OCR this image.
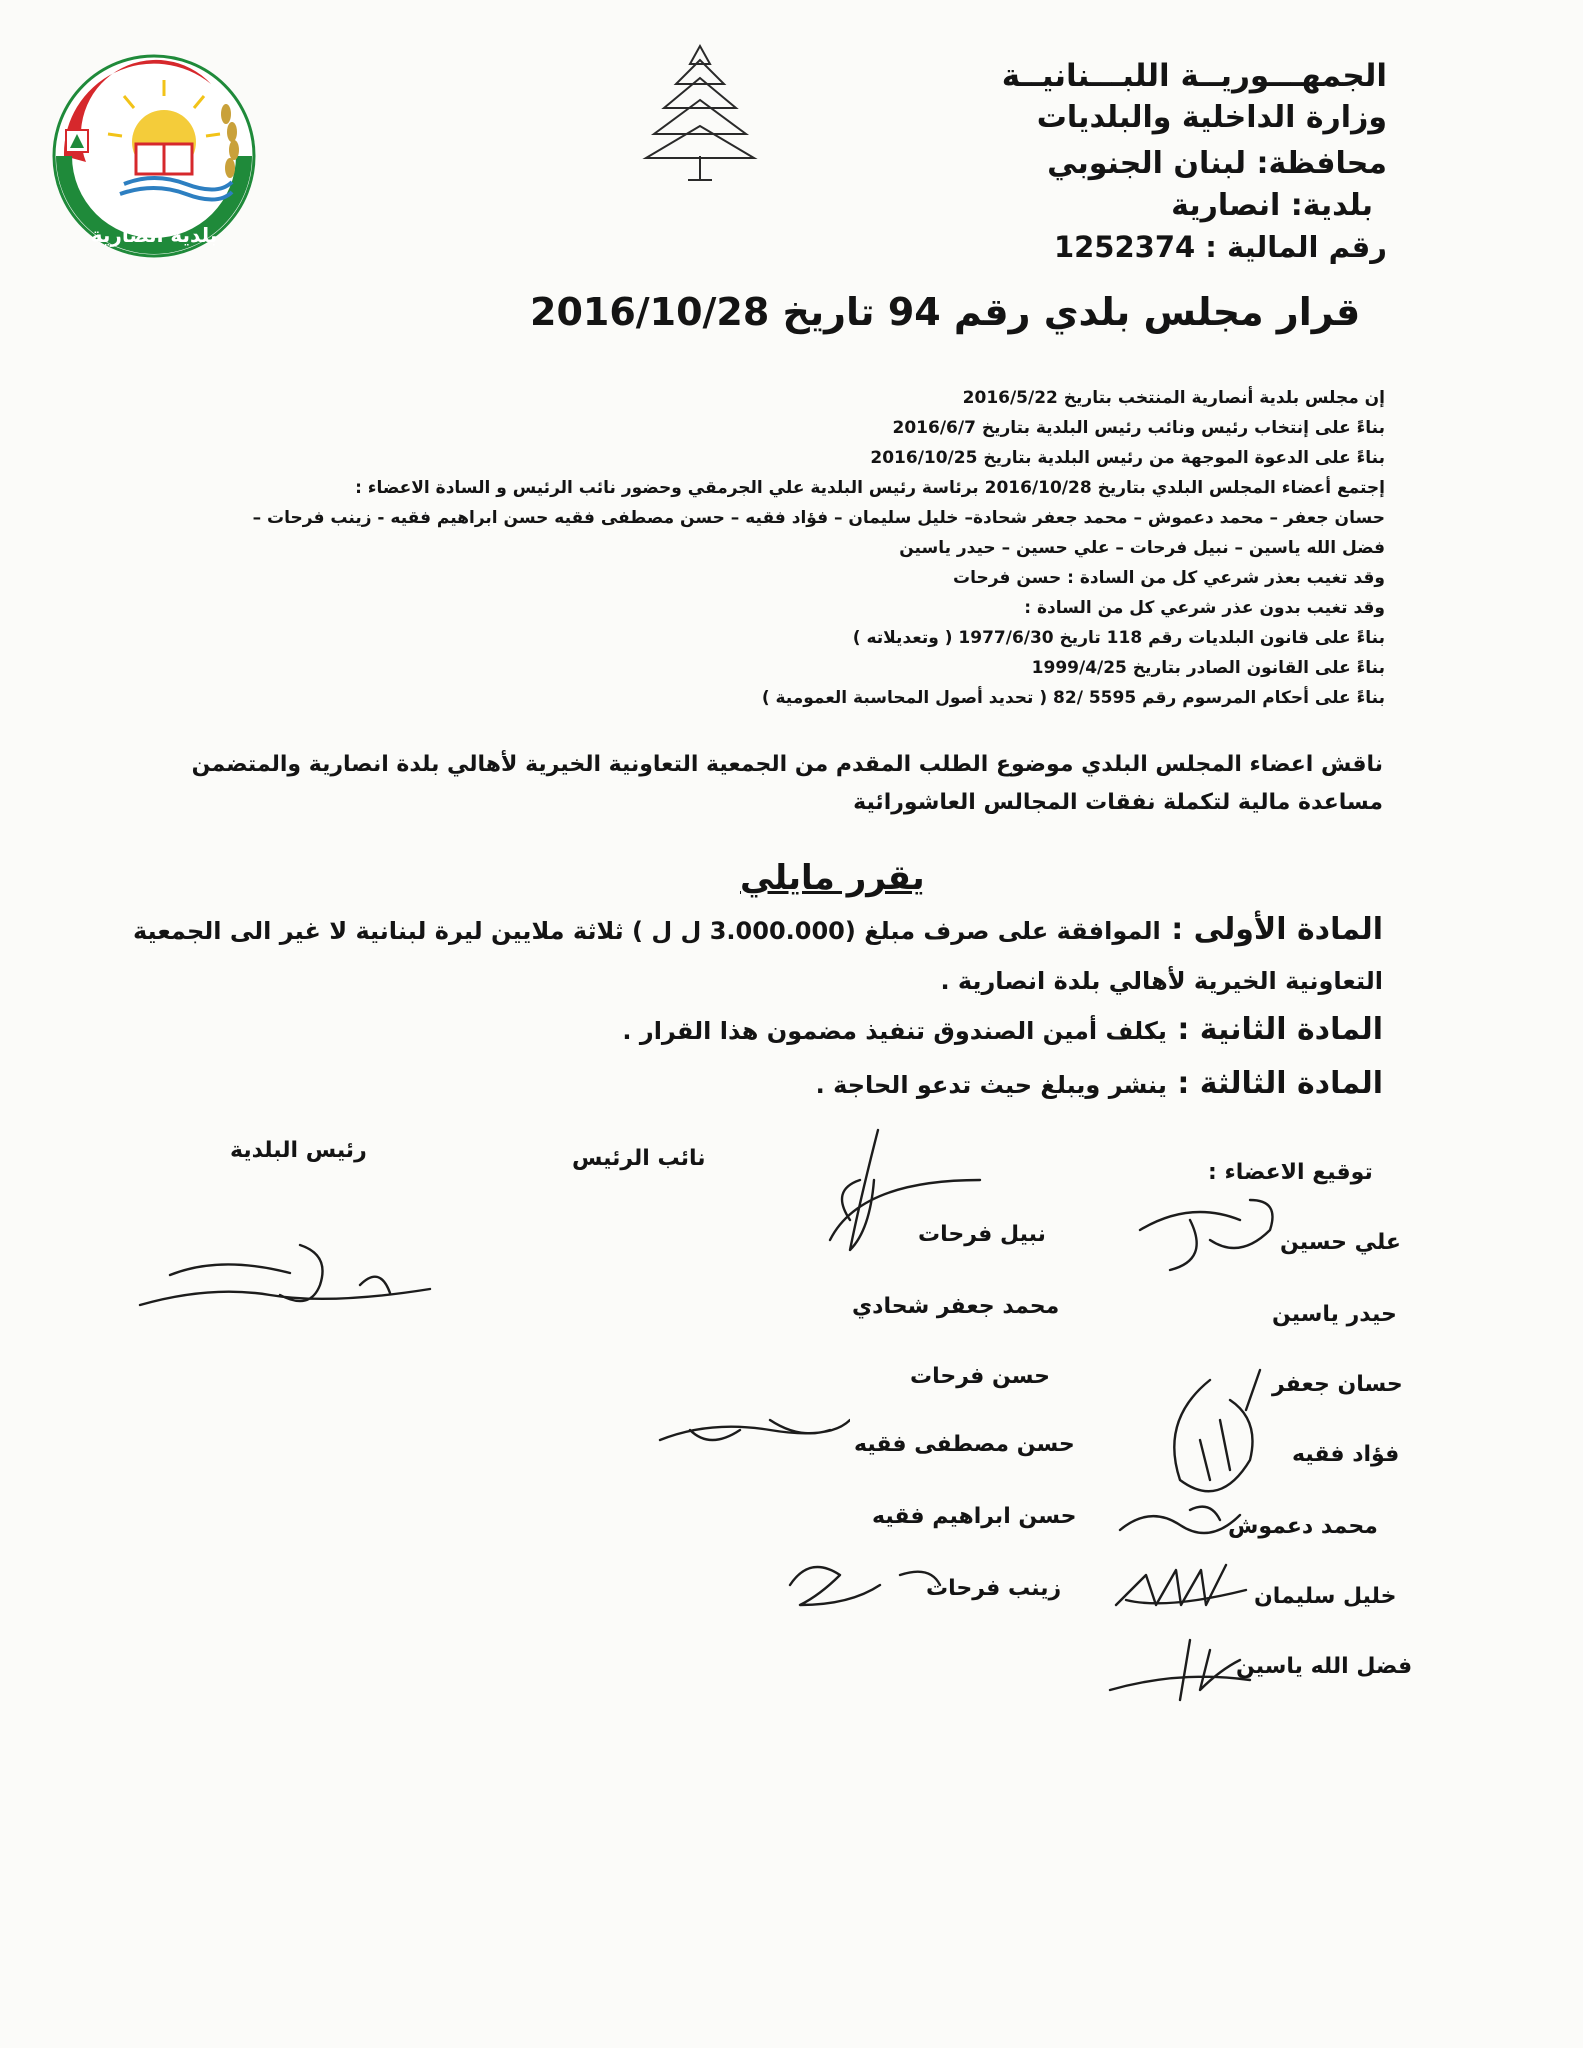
بلدية أنصارية
الجمهـــوريــة اللبـــنانيــة
وزارة الداخلية والبلديات
محافظة: لبنان الجنوبي
بلدية: انصارية
رقم المالية : 1252374
قرار مجلس بلدي رقم 94 تاريخ 2016/10/28
إن مجلس بلدية أنصارية المنتخب بتاريخ 2016/5/22
بناءً على إنتخاب رئيس ونائب رئيس البلدية بتاريخ 2016/6/7
بناءً على الدعوة الموجهة من رئيس البلدية بتاريخ 2016/10/25
إجتمع أعضاء المجلس البلدي بتاريخ 2016/10/28 برئاسة رئيس البلدية علي الجرمقي وحضور نائب الرئيس و السادة الاعضاء :
حسان جعفر – محمد دعموش – محمد جعفر شحادة– خليل سليمان – فؤاد فقيه – حسن مصطفى فقيه حسن ابراهيم فقيه - زينب فرحات –
فضل الله ياسين – نبيل فرحات – علي حسين – حيدر ياسين
وقد تغيب بعذر شرعي كل من السادة : حسن فرحات
وقد تغيب بدون عذر شرعي كل من السادة :
بناءً على قانون البلديات رقم 118 تاريخ 1977/6/30 ( وتعديلاته )
بناءً على القانون الصادر بتاريخ 1999/4/25
بناءً على أحكام المرسوم رقم 5595 /82 ( تحديد أصول المحاسبة العمومية )
ناقش اعضاء المجلس البلدي موضوع الطلب المقدم من الجمعية التعاونية الخيرية لأهالي بلدة انصارية والمتضمن
مساعدة مالية لتكملة نفقات المجالس العاشورائية
يقرر مايلي
المادة الأولى : الموافقة على صرف مبلغ (3.000.000 ل ل ) ثلاثة ملايين ليرة لبنانية لا غير الى الجمعية
التعاونية الخيرية لأهالي بلدة انصارية .
المادة الثانية : يكلف أمين الصندوق تنفيذ مضمون هذا القرار .
المادة الثالثة : ينشر ويبلغ حيث تدعو الحاجة .
رئيس البلدية	نائب الرئيس
توقيع الاعضاء :
نبيل فرحات
محمد جعفر شحادي
حسن فرحات
حسن مصطفى فقيه
حسن ابراهيم فقيه
زينب فرحات
علي حسين
حيدر ياسين
حسان جعفر
فؤاد فقيه
محمد دعموش
خليل سليمان
فضل الله ياسين
